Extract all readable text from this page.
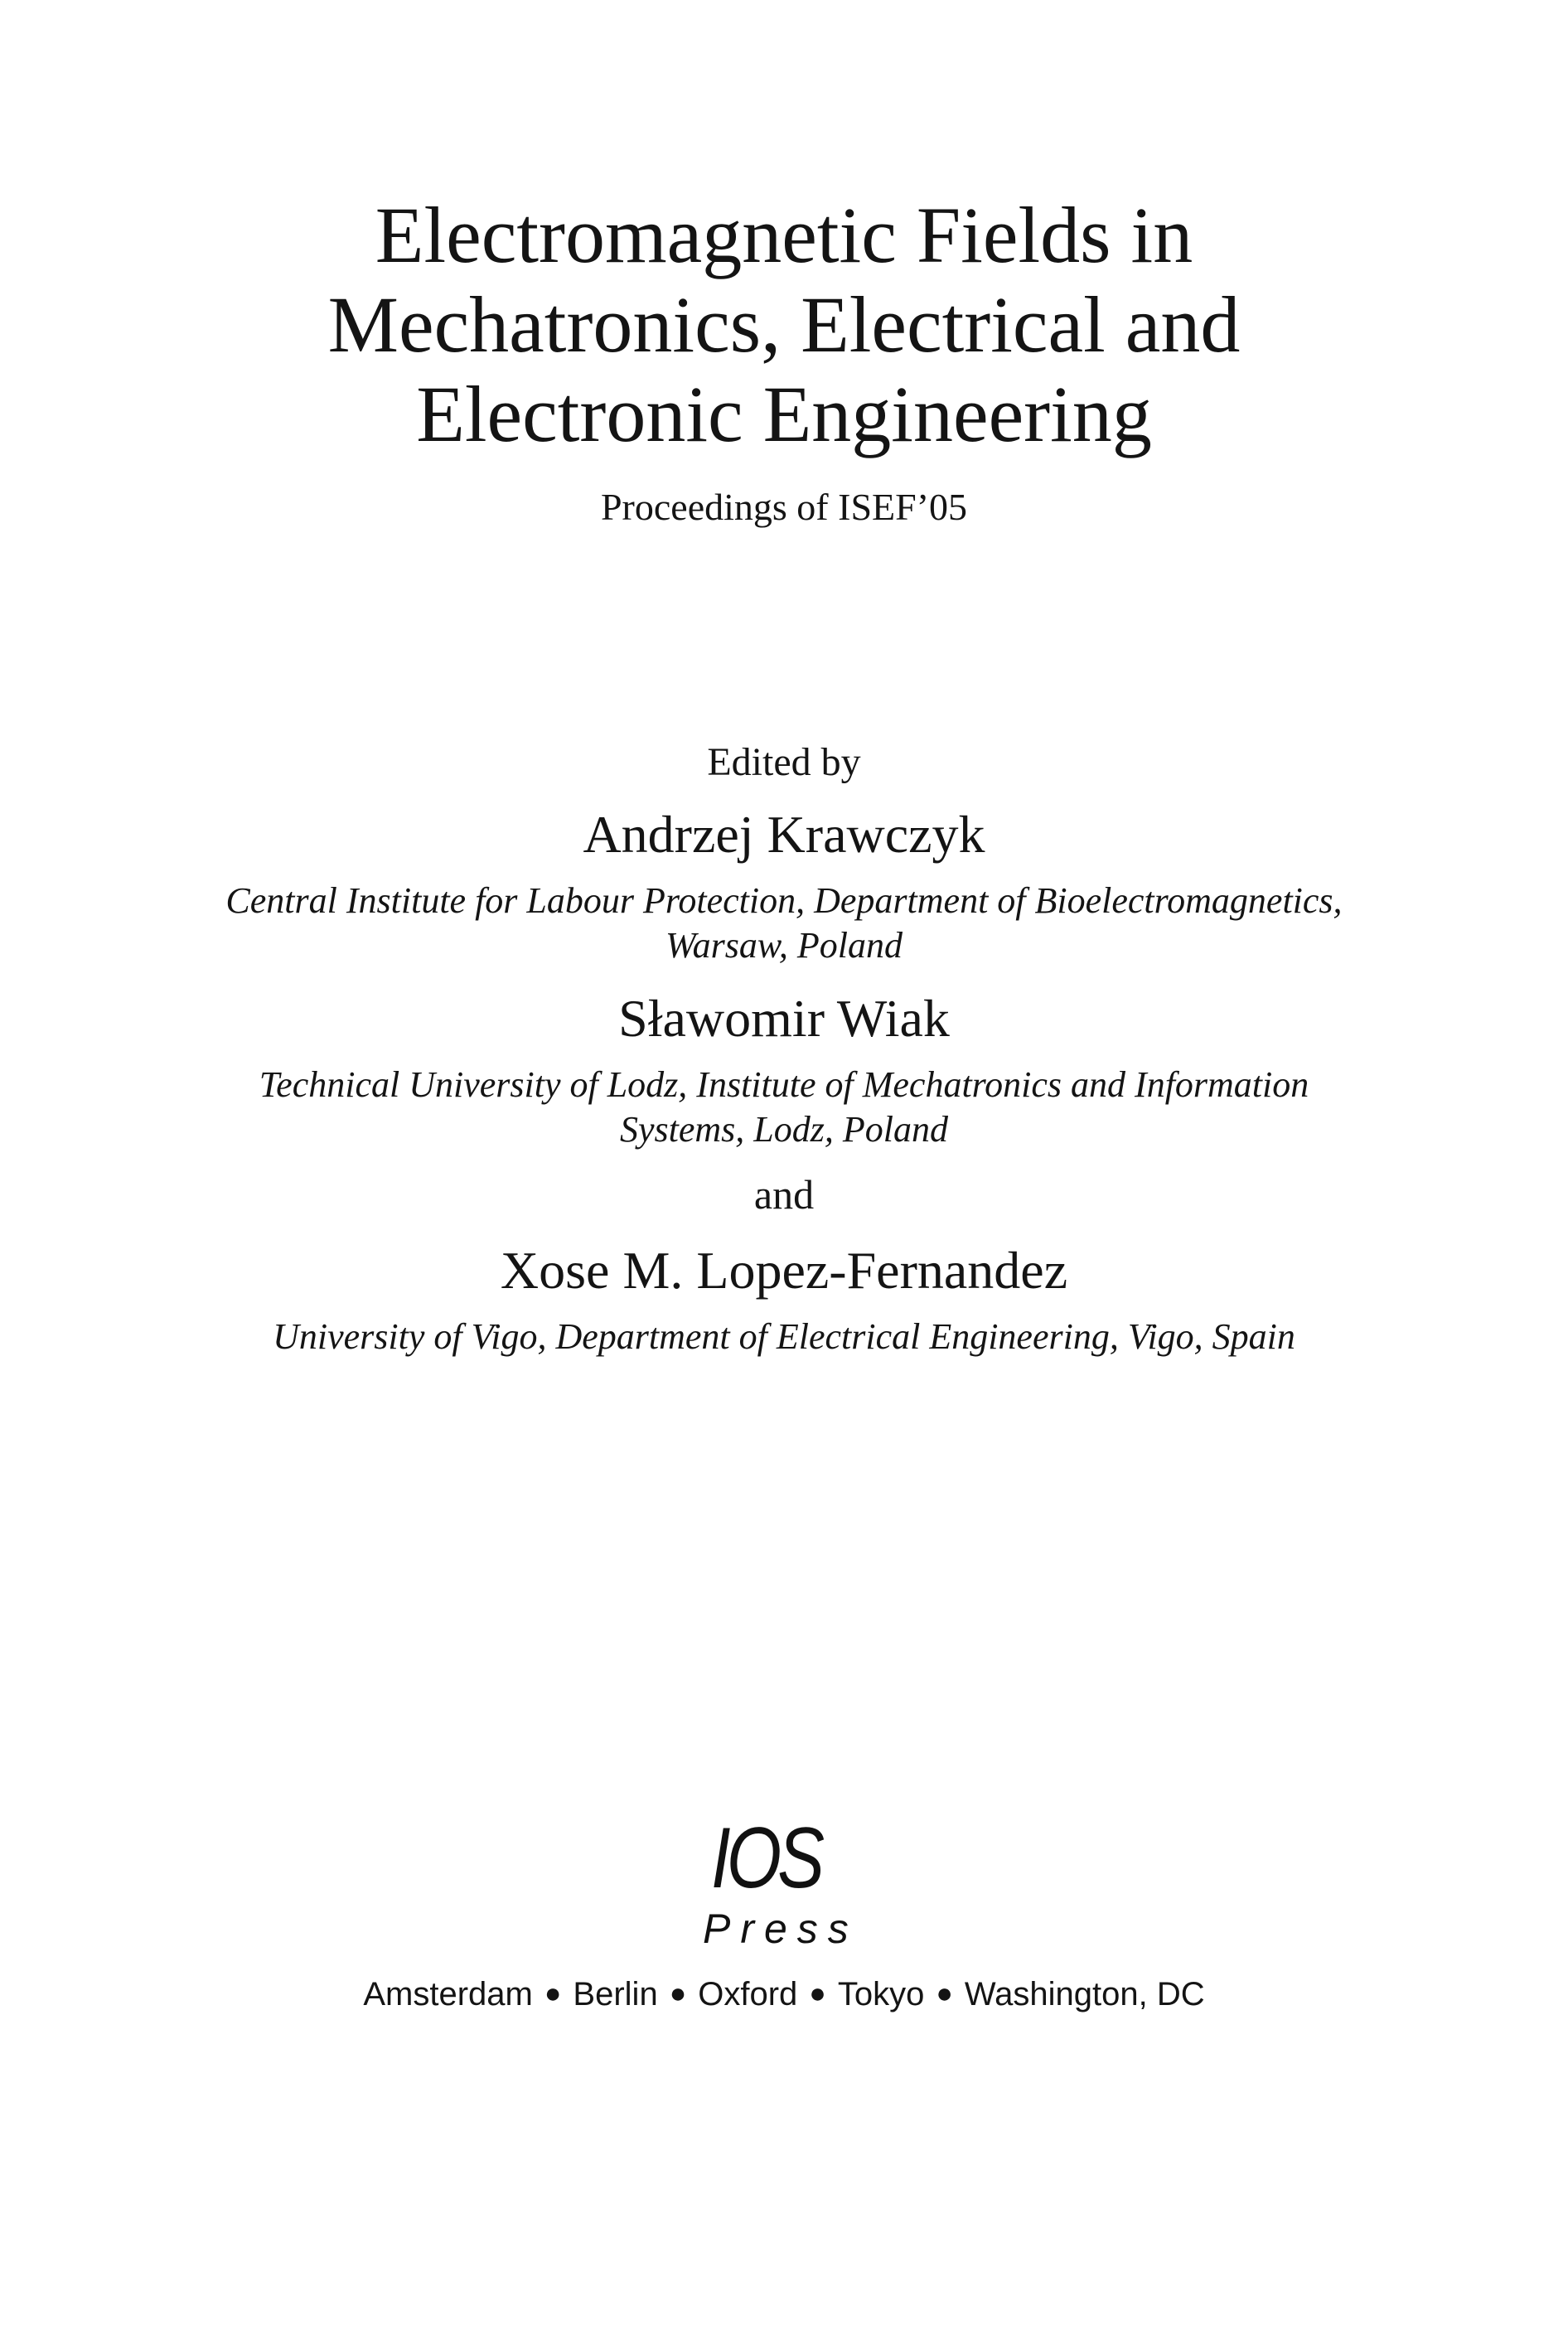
Electromagnetic Fields in
Mechatronics, Electrical and
Electronic Engineering
Proceedings of ISEF’05
Edited by
Andrzej Krawczyk
Central Institute for Labour Protection, Department of Bioelectromagnetics,
Warsaw, Poland
Sławomir Wiak
Technical University of Lodz, Institute of Mechatronics and Information
Systems, Lodz, Poland
and
Xose M. Lopez-Fernandez
University of Vigo, Department of Electrical Engineering, Vigo, Spain
IOS
Press
Amsterdam ● Berlin ● Oxford ● Tokyo ● Washington, DC
